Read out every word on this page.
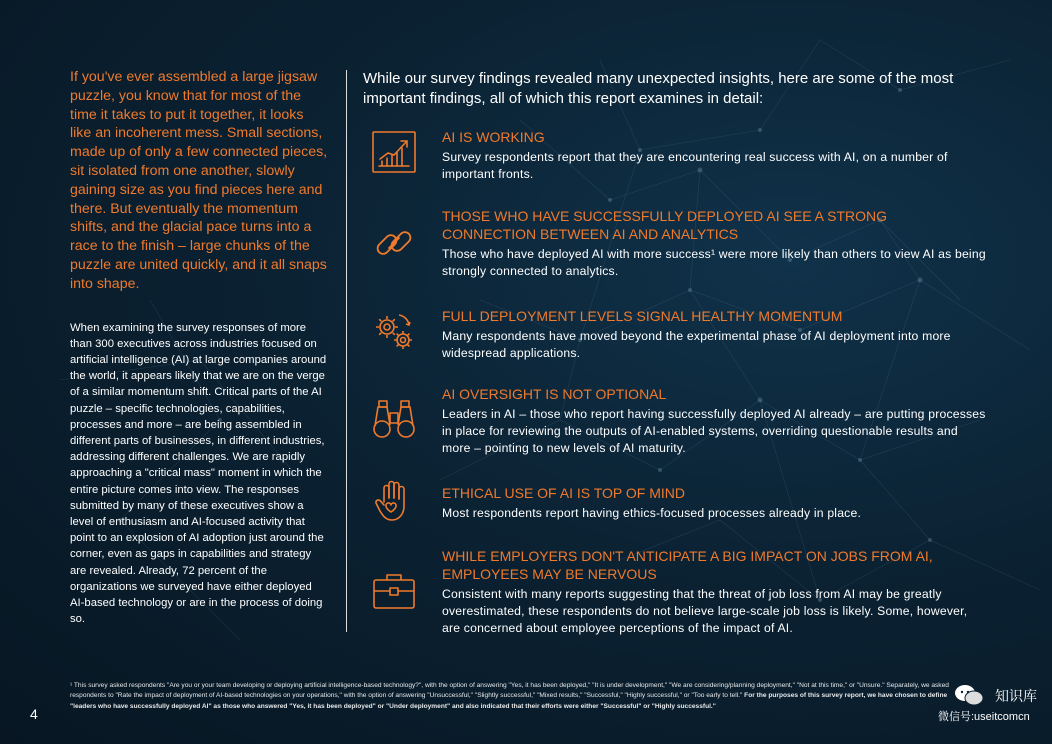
If you've ever assembled a large jigsaw puzzle, you know that for most of the time it takes to put it together, it looks like an incoherent mess. Small sections, made up of only a few connected pieces, sit isolated from one another, slowly gaining size as you find pieces here and there. But eventually the momentum shifts, and the glacial pace turns into a race to the finish – large chunks of the puzzle are united quickly, and it all snaps into shape.

When examining the survey responses of more than 300 executives across industries focused on artificial intelligence (AI) at large companies around the world, it appears likely that we are on the verge of a similar momentum shift. Critical parts of the AI puzzle – specific technologies, capabilities, processes and more – are being assembled in different parts of businesses, in different industries, addressing different challenges. We are rapidly approaching a "critical mass" moment in which the entire picture comes into view. The responses submitted by many of these executives show a level of enthusiasm and AI-focused activity that point to an explosion of AI adoption just around the corner, even as gaps in capabilities and strategy are revealed. Already, 72 percent of the organizations we surveyed have either deployed AI-based technology or are in the process of doing so.

While our survey findings revealed many unexpected insights, here are some of the most important findings, all of which this report examines in detail:

AI IS WORKING
Survey respondents report that they are encountering real success with AI, on a number of important fronts.
THOSE WHO HAVE SUCCESSFULLY DEPLOYED AI SEE A STRONG CONNECTION BETWEEN AI AND ANALYTICS
Those who have deployed AI with more success¹ were more likely than others to view AI as being strongly connected to analytics.
FULL DEPLOYMENT LEVELS SIGNAL HEALTHY MOMENTUM
Many respondents have moved beyond the experimental phase of AI deployment into more widespread applications.
AI OVERSIGHT IS NOT OPTIONAL
Leaders in AI – those who report having successfully deployed AI already – are putting processes in place for reviewing the outputs of AI-enabled systems, overriding questionable results and more – pointing to new levels of AI maturity.
ETHICAL USE OF AI IS TOP OF MIND
Most respondents report having ethics-focused processes already in place.
WHILE EMPLOYERS DON'T ANTICIPATE A BIG IMPACT ON JOBS FROM AI, EMPLOYEES MAY BE NERVOUS
Consistent with many reports suggesting that the threat of job loss from AI may be greatly overestimated, these respondents do not believe large-scale job loss is likely. Some, however, are concerned about employee perceptions of the impact of AI.
¹ This survey asked respondents "Are you or your team developing or deploying artificial intelligence-based technology?", with the option of answering "Yes, it has been deployed," "It is under development," "We are considering/planning deployment," "Not at this time," or "Unsure." Separately, we asked respondents to "Rate the impact of deployment of AI-based technologies on your operations," with the option of answering "Unsuccessful," "Slightly successful," "Mixed results," "Successful," "Highly successful," or "Too early to tell." For the purposes of this survey report, we have chosen to define "leaders who have successfully deployed AI" as those who answered "Yes, it has been deployed" or "Under deployment" and also indicated that their efforts were either "Successful" or "Highly successful."
4
知识库
微信号:useitcomcn
